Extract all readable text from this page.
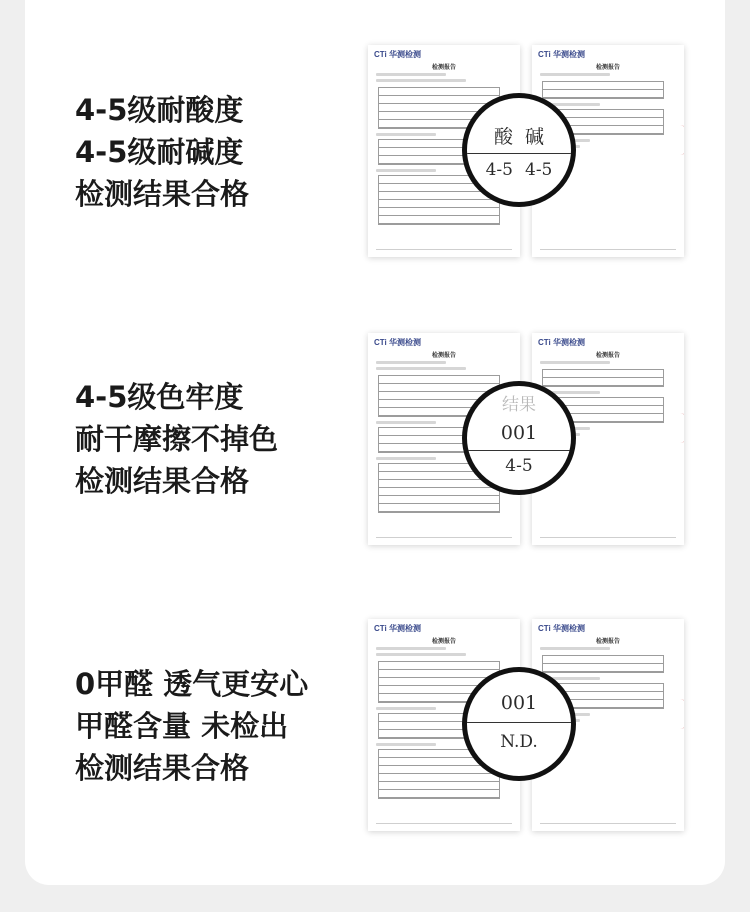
4-5级耐酸度
4-5级耐碱度
检测结果合格
CTi 华测检测
检测报告
CTi 华测检测
检测报告
酸 碱
4-5 4-5
4-5级色牢度
耐干摩擦不掉色
检测结果合格
CTi 华测检测
检测报告
CTi 华测检测
检测报告
结果
001
4-5
0甲醛 透气更安心
甲醛含量 未检出
检测结果合格
CTi 华测检测
检测报告
CTi 华测检测
检测报告
001
N.D.
